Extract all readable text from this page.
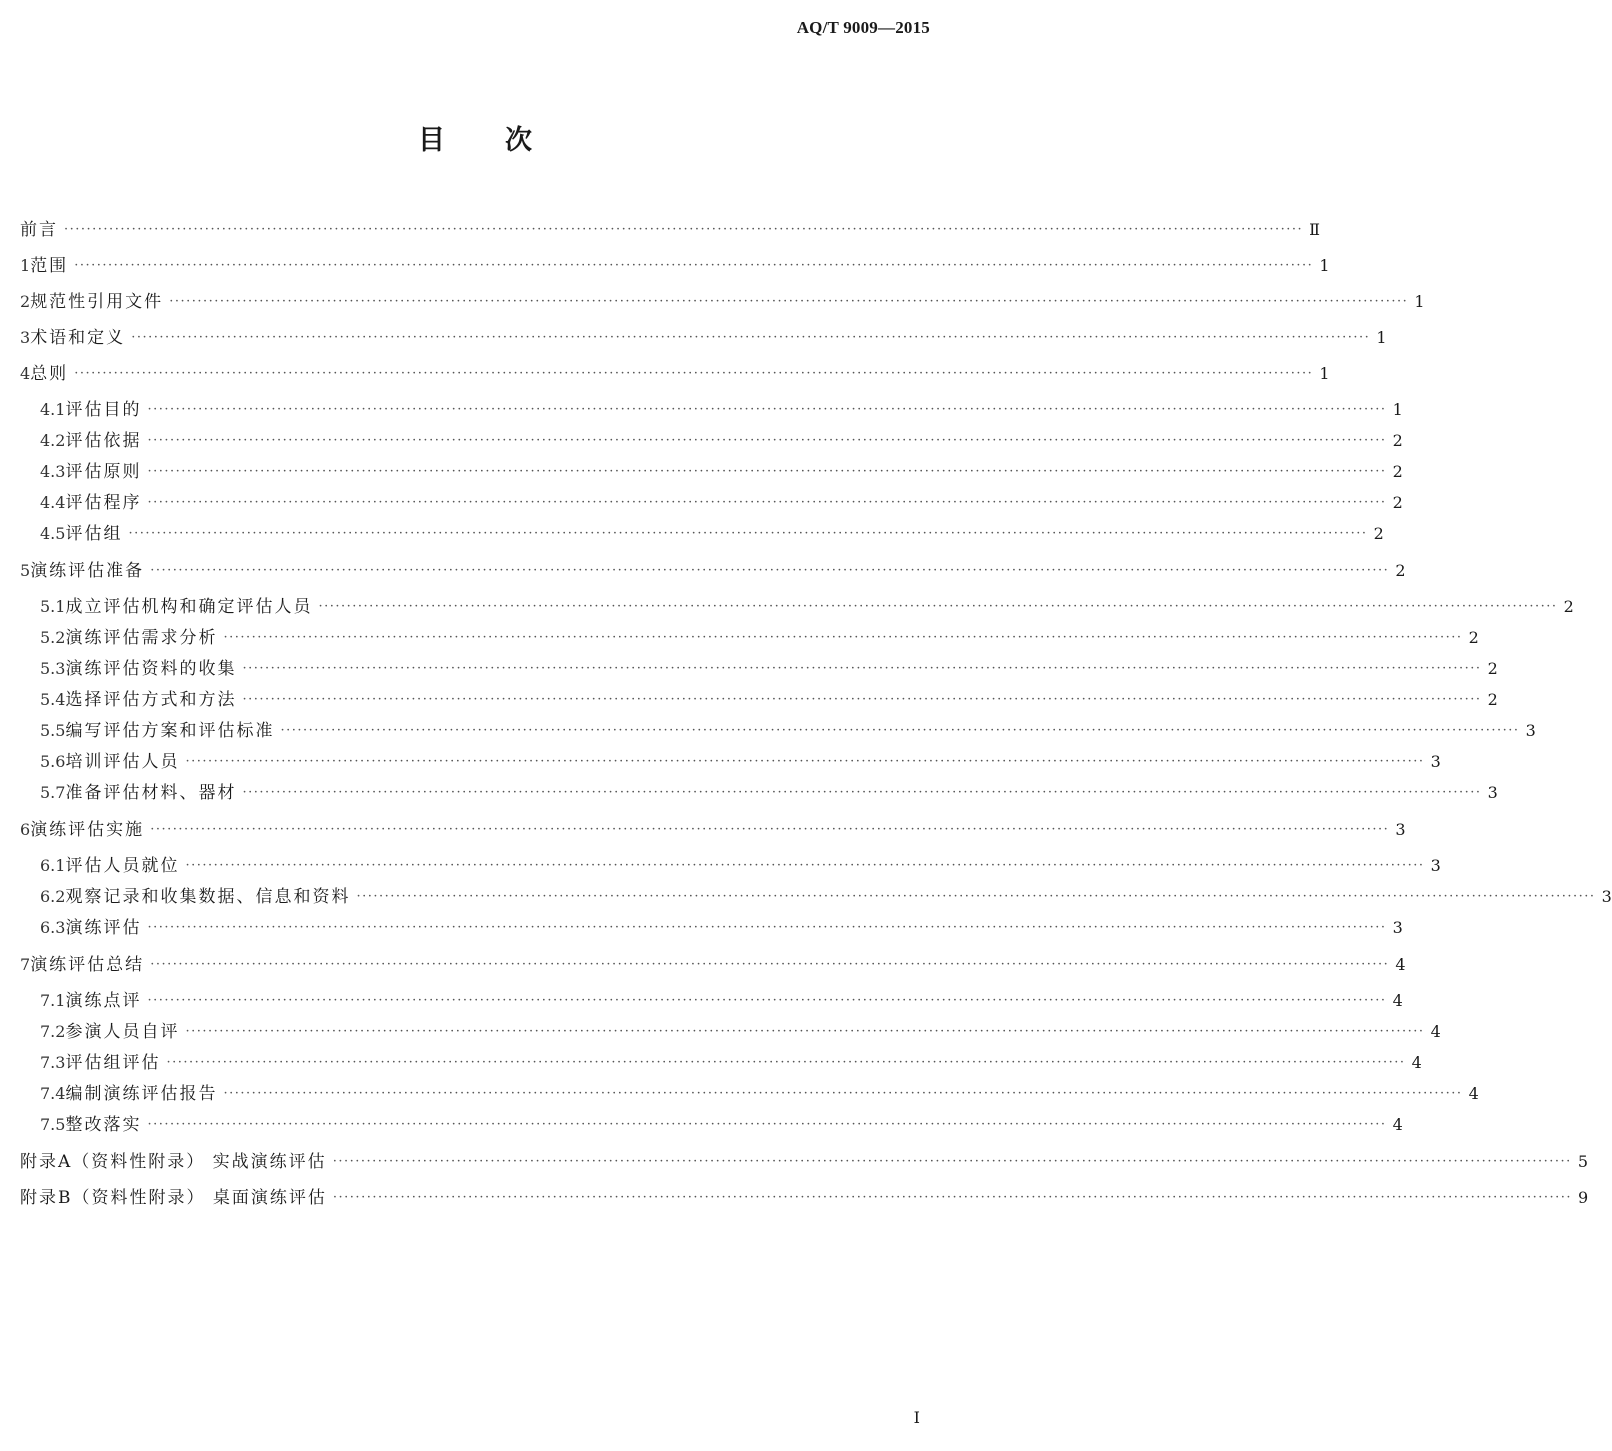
AQ/T 9009—2015
目 次
前言 ···························································································································································································································· Ⅱ
1 范围 ···························································································································································································································· 1
2 规范性引用文件 ···························································································································································································································· 1
3 术语和定义 ···························································································································································································································· 1
4 总则 ···························································································································································································································· 1
4.1 评估目的 ···························································································································································································································· 1
4.2 评估依据 ···························································································································································································································· 2
4.3 评估原则 ···························································································································································································································· 2
4.4 评估程序 ···························································································································································································································· 2
4.5 评估组 ···························································································································································································································· 2
5 演练评估准备 ···························································································································································································································· 2
5.1 成立评估机构和确定评估人员 ···························································································································································································································· 2
5.2 演练评估需求分析 ···························································································································································································································· 2
5.3 演练评估资料的收集 ···························································································································································································································· 2
5.4 选择评估方式和方法 ···························································································································································································································· 2
5.5 编写评估方案和评估标准 ···························································································································································································································· 3
5.6 培训评估人员 ···························································································································································································································· 3
5.7 准备评估材料、器材 ···························································································································································································································· 3
6 演练评估实施 ···························································································································································································································· 3
6.1 评估人员就位 ···························································································································································································································· 3
6.2 观察记录和收集数据、信息和资料 ···························································································································································································································· 3
6.3 演练评估 ···························································································································································································································· 3
7 演练评估总结 ···························································································································································································································· 4
7.1 演练点评 ···························································································································································································································· 4
7.2 参演人员自评 ···························································································································································································································· 4
7.3 评估组评估 ···························································································································································································································· 4
7.4 编制演练评估报告 ···························································································································································································································· 4
7.5 整改落实 ···························································································································································································································· 4
附录A（资料性附录） 实战演练评估 ···························································································································································································································· 5
附录B（资料性附录） 桌面演练评估 ···························································································································································································································· 9
Ⅰ
